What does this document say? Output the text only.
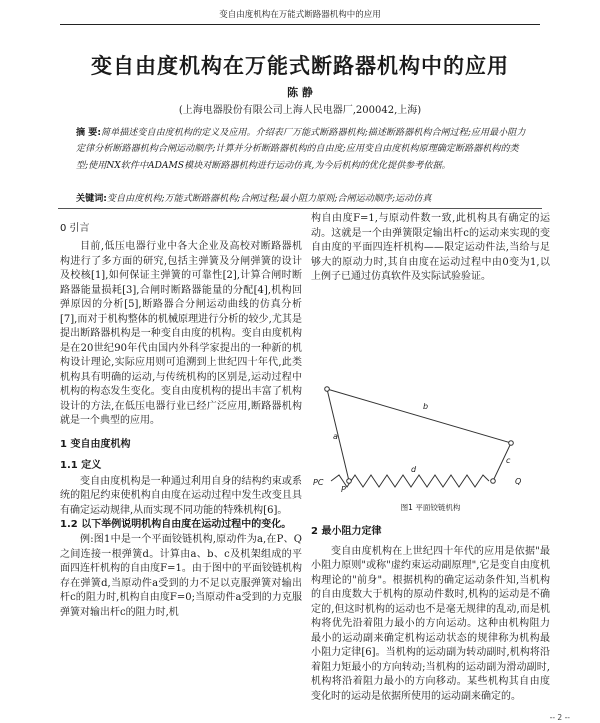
变自由度机构在万能式断路器机构中的应用
变自由度机构在万能式断路器机构中的应用
陈 静
(上海电器股份有限公司上海人民电器厂,200042,上海)
摘 要:简单描述变自由度机构的定义及应用。介绍表厂万能式断路器机构;描述断路器机构合闸过程;应用最小阻力定律分析断路器机构合闸运动顺序;计算并分析断路器机构的自由度;应用变自由度机构原理确定断路器机构的类型;使用NX软件中ADAMS模块对断路器机构进行运动仿真,为今后机构的优化提供参考依据。
关键词:变自由度机构;万能式断路器机构;合闸过程;最小阻力原则;合闸运动顺序;运动仿真
0 引言

目前,低压电器行业中各大企业及高校对断路器机构进行了多方面的研究,包括主弹簧及分闸弹簧的设计及校核[1],如何保证主弹簧的可靠性[2],计算合闸时断路器能量损耗[3],合闸时断路器能量的分配[4],机构回弹原因的分析[5],断路器合分闸运动曲线的仿真分析[7],而对于机构整体的机械原理进行分析的较少,尤其是提出断路器机构是一种变自由度的机构。变自由度机构是在20世纪90年代由国内外科学家提出的一种新的机构设计理论,实际应用则可追溯到上世纪四十年代,此类机构具有明确的运动,与传统机构的区别是,运动过程中机构的构态发生变化。变自由度机构的提出丰富了机构设计的方法,在低压电器行业已经广泛应用,断路器机构就是一个典型的应用。

1 变自由度机构
1.1 定义

变自由度机构是一种通过利用自身的结构约束或系统的阻尼约束使机构自由度在运动过程中发生改变且具有确定运动规律,从而实现不同功能的特殊机构[6]。

1.2 以下举例说明机构自由度在运动过程中的变化。

例:图1中是一个平面铰链机构,原动件为a,在P、Q之间连接一根弹簧d。计算由a、b、c及机架组成的平面四连杆机构的自由度F=1。由于图中的平面铰链机构存在弹簧d,当原动件a受到的力不足以克服弹簧对输出杆c的阻力时,机构自由度F=0;当原动件a受到的力克服弹簧对输出杆c的阻力时,机

构自由度F=1,与原动件数一致,此机构具有确定的运动。这就是一个由弹簧限定输出杆c的运动来实现的变自由度的平面四连杆机构——限定运动件法,当给与足够大的原动力时,其自由度在运动过程中由0变为1,以上例子已通过仿真软件及实际试验验证。

a
b
c
d
PC	Q
P
图1 平面铰链机构
2 最小阻力定律

变自由度机构在上世纪四十年代的应用是依据"最小阻力原则"或称"虚约束运动副原理",它是变自由度机构理论的"前身"。根据机构的确定运动条件知,当机构的自由度数大于机构的原动件数时,机构的运动是不确定的,但这时机构的运动也不是毫无规律的乱动,而是机构将优先沿着阻力最小的方向运动。这种由机构阻力最小的运动副来确定机构运动状态的规律称为机构最小阻力定律[6]。当机构的运动副为转动副时,机构将沿着阻力矩最小的方向转动;当机构的运动副为滑动副时,机构将沿着阻力最小的方向移动。某些机构其自由度变化时的运动是依据所使用的运动副来确定的。

-- 2 --
